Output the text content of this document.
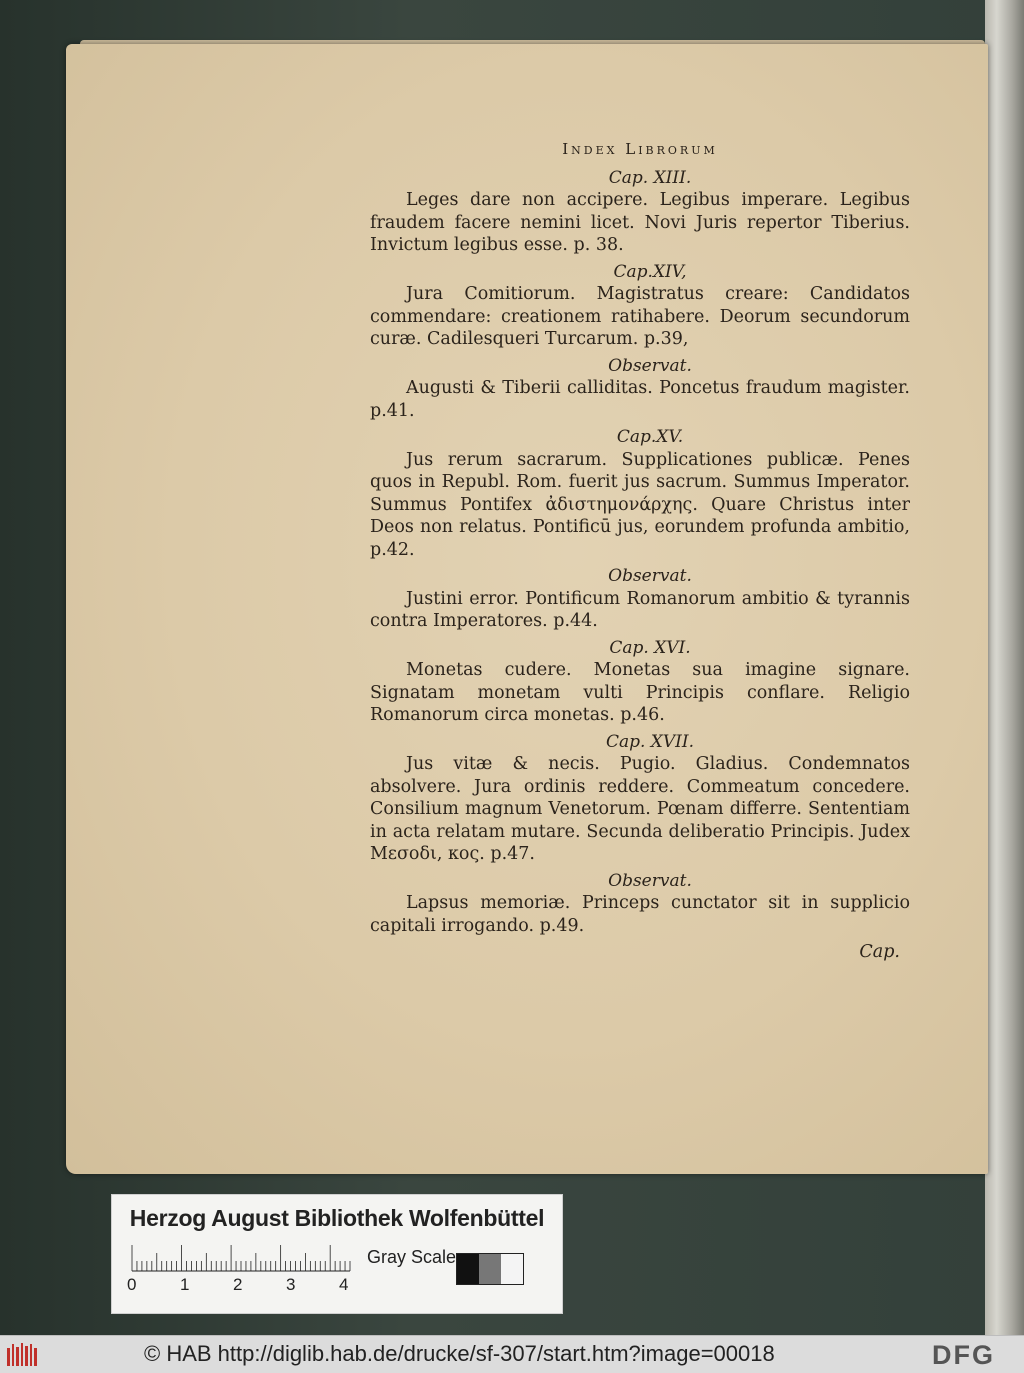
Index Librorum
Cap. XIII.

Leges dare non accipere. Legibus imperare. Legibus fraudem facere nemini licet. Novi Juris repertor Tiberius. Invictum legibus esse. p. 38.

Cap.XIV,

Jura Comitiorum. Magistratus creare: Candidatos commendare: creationem ratihabere. Deorum secundorum curæ. Cadilesqueri Turcarum. p.39,

Observat.

Augusti & Tiberii calliditas. Poncetus fraudum magister. p.41.

Cap.XV.

Jus rerum sacrarum. Supplicationes publicæ. Penes quos in Republ. Rom. fuerit jus sacrum. Summus Imperator. Summus Pontifex ἀδιστημονάρχης. Quare Christus inter Deos non relatus. Pontificū jus, eorundem profunda ambitio, p.42.

Observat.

Justini error. Pontificum Romanorum ambitio & tyrannis contra Imperatores. p.44.

Cap. XVI.

Monetas cudere. Monetas sua imagine signare. Signatam monetam vulti Principis conflare. Religio Romanorum circa monetas. p.46.

Cap. XVII.

Jus vitæ & necis. Pugio. Gladius. Condemnatos absolvere. Jura ordinis reddere. Commeatum concedere. Consilium magnum Venetorum. Pœnam differre. Sententiam in acta relatam mutare. Secunda deliberatio Principis. Judex Μεσοδι, κος. p.47.

Observat.

Lapsus memoriæ. Princeps cunctator sit in supplicio capitali irrogando. p.49.

Cap.
Herzog August Bibliothek Wolfenbüttel
0	1	2	3	4
Gray Scale
© HAB http://diglib.hab.de/drucke/sf-307/start.htm?image=00018	DFG
